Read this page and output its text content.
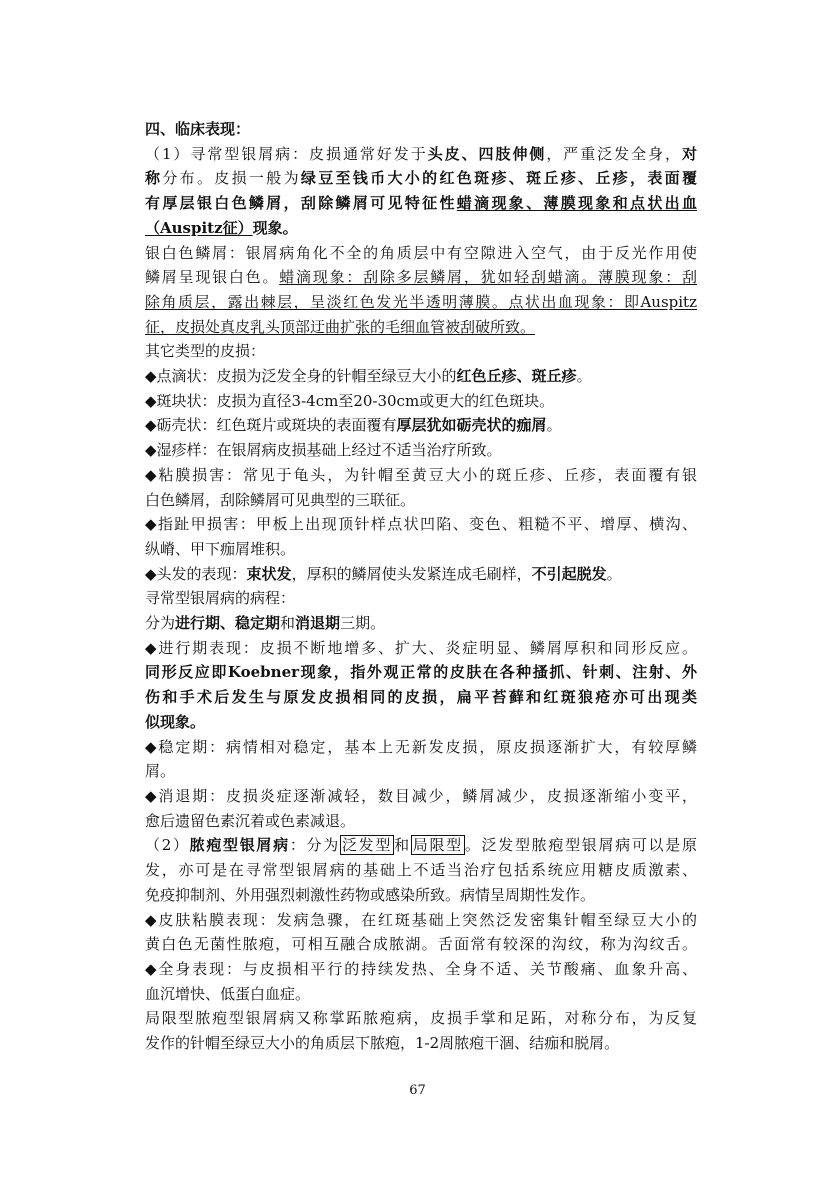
四、临床表现：
（1）寻常型银屑病：皮损通常好发于头皮、四肢伸侧，严重泛发全身，对
称分布。皮损一般为绿豆至钱币大小的红色斑疹、斑丘疹、丘疹，表面覆
有厚层银白色鳞屑，刮除鳞屑可见特征性蜡滴现象、薄膜现象和点状出血
（Auspitz征）现象。
银白色鳞屑：银屑病角化不全的角质层中有空隙进入空气，由于反光作用使
鳞屑呈现银白色。蜡滴现象：刮除多层鳞屑，犹如轻刮蜡滴。薄膜现象：刮
除角质层，露出棘层，呈淡红色发光半透明薄膜。点状出血现象：即Auspitz
征，皮损处真皮乳头顶部迂曲扩张的毛细血管被刮破所致。
其它类型的皮损：
◆点滴状：皮损为泛发全身的针帽至绿豆大小的红色丘疹、斑丘疹。
◆斑块状：皮损为直径3-4cm至20-30cm或更大的红色斑块。
◆砺壳状：红色斑片或斑块的表面覆有厚层犹如砺壳状的痂屑。
◆湿疹样：在银屑病皮损基础上经过不适当治疗所致。
◆粘膜损害：常见于龟头，为针帽至黄豆大小的斑丘疹、丘疹，表面覆有银
白色鳞屑，刮除鳞屑可见典型的三联征。
◆指趾甲损害：甲板上出现顶针样点状凹陷、变色、粗糙不平、增厚、横沟、
纵嵴、甲下痂屑堆积。
◆头发的表现：束状发，厚积的鳞屑使头发紧连成毛刷样，不引起脱发。
寻常型银屑病的病程：
分为进行期、稳定期和消退期三期。
◆进行期表现：皮损不断地增多、扩大、炎症明显、鳞屑厚积和同形反应。
同形反应即Koebner现象，指外观正常的皮肤在各种搔抓、针刺、注射、外
伤和手术后发生与原发皮损相同的皮损，扁平苔藓和红斑狼疮亦可出现类
似现象。
◆稳定期：病情相对稳定，基本上无新发皮损，原皮损逐渐扩大，有较厚鳞
屑。
◆消退期：皮损炎症逐渐减轻，数目减少，鳞屑减少，皮损逐渐缩小变平，
愈后遗留色素沉着或色素减退。
（2）脓疱型银屑病：分为 泛发型 和 局限型 。泛发型脓疱型银屑病可以是原
发，亦可是在寻常型银屑病的基础上不适当治疗包括系统应用糖皮质激素、
免疫抑制剂、外用强烈刺激性药物或感染所致。病情呈周期性发作。
◆皮肤粘膜表现：发病急骤，在红斑基础上突然泛发密集针帽至绿豆大小的
黄白色无菌性脓疱，可相互融合成脓湖。舌面常有较深的沟纹，称为沟纹舌。
◆全身表现：与皮损相平行的持续发热、全身不适、关节酸痛、血象升高、
血沉增快、低蛋白血症。
局限型脓疱型银屑病又称掌跖脓疱病，皮损手掌和足跖，对称分布，为反复
发作的针帽至绿豆大小的角质层下脓疱，1-2周脓疱干涸、结痂和脱屑。
67
